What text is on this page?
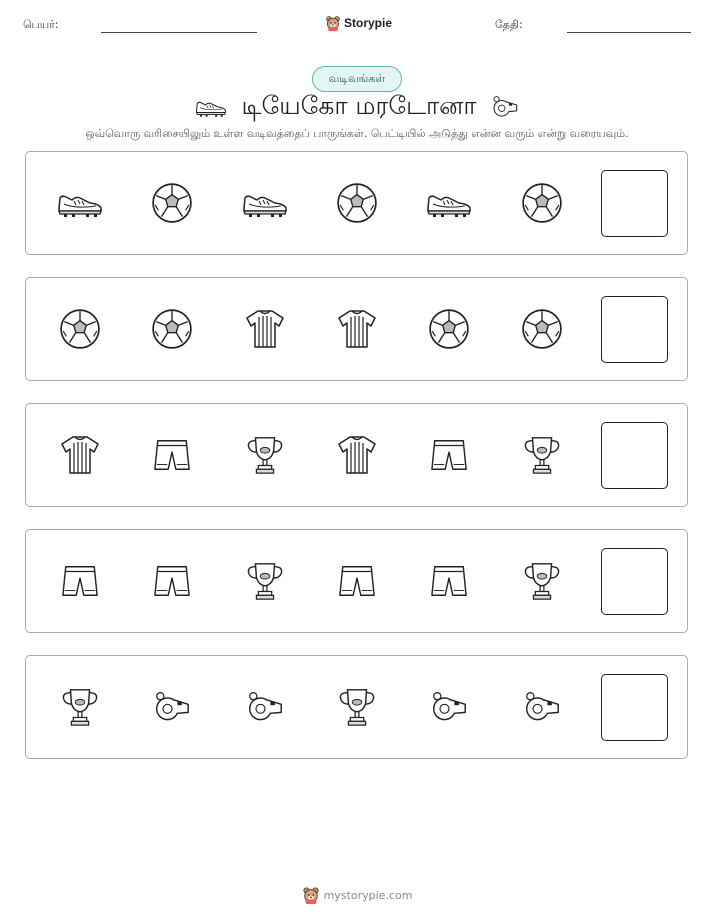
பெயர்:	Storypie	தேதி:
வடிவங்கள்
டியேகோ மரடோனா
ஒவ்வொரு வரிசையிலும் உள்ள வடிவத்தைப் பாருங்கள். பெட்டியில் அடுத்து என்ன வரும் என்று வரையவும்.
mystorypie.com
